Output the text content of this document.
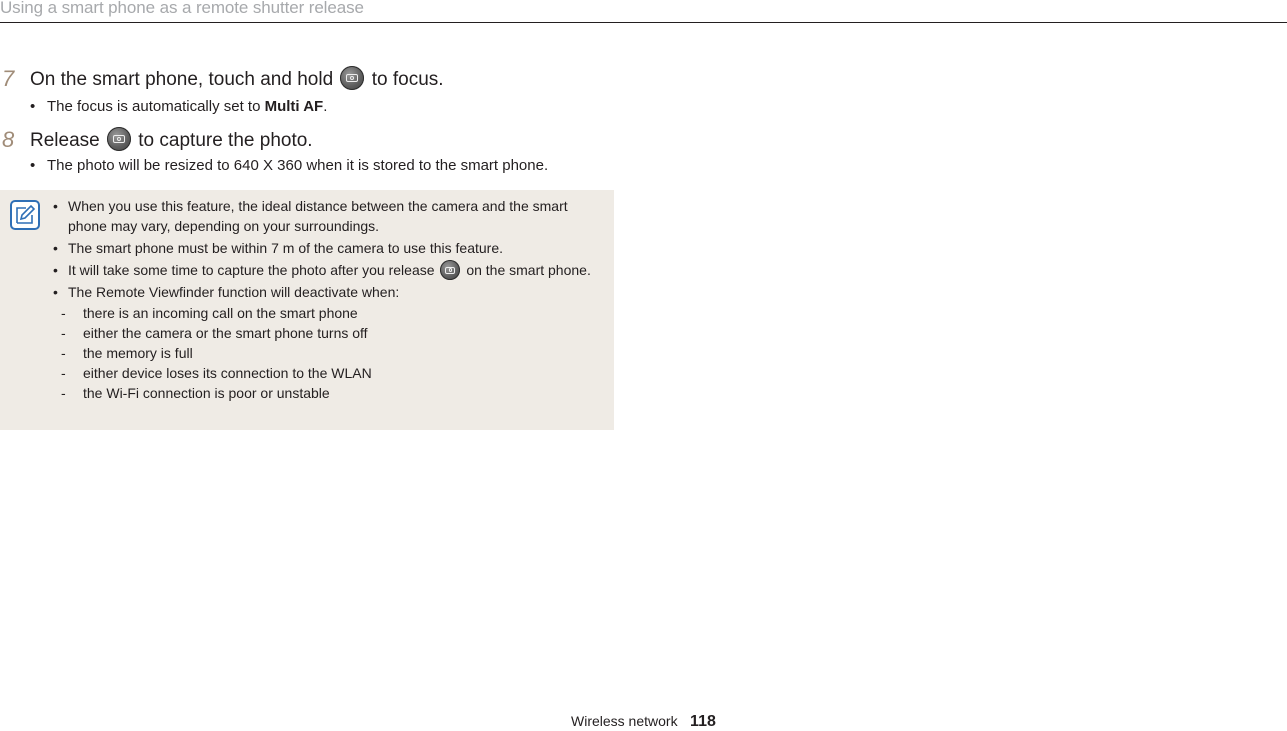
Using a smart phone as a remote shutter release
7 On the smart phone, touch and hold to focus.
• The focus is automatically set to Multi AF.
8 Release to capture the photo.
• The photo will be resized to 640 X 360 when it is stored to the smart phone.
• When you use this feature, the ideal distance between the camera and the smart phone may vary, depending on your surroundings.
• The smart phone must be within 7 m of the camera to use this feature.
• It will take some time to capture the photo after you release on the smart phone.
• The Remote Viewfinder function will deactivate when:
- there is an incoming call on the smart phone
- either the camera or the smart phone turns off
- the memory is full
- either device loses its connection to the WLAN
- the Wi-Fi connection is poor or unstable
Wireless network 118
